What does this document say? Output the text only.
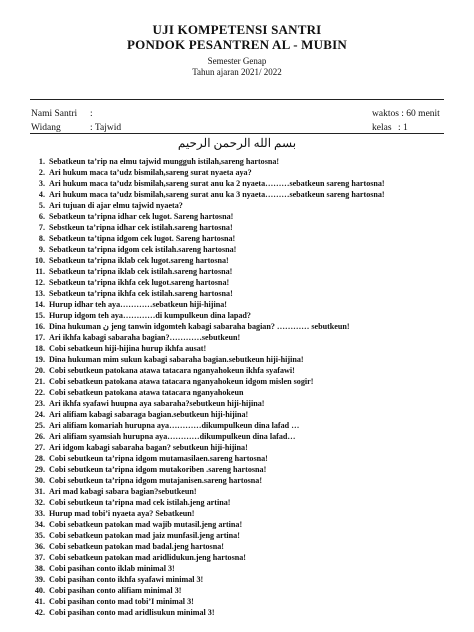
UJI KOMPETENSI SANTRI
PONDOK PESANTREN AL - MUBIN
Semester Genap
Tahun ajaran 2021/ 2022
Nami Santri :	waktos : 60 menit
Widang	: Tajwid	kelas : 1
بسم الله الرحمن الرحيم
1. Sebatkeun ta’rip na elmu tajwid mungguh istilah,sareng hartosna!
2. Ari hukum maca ta’udz bismilah,sareng surat nyaeta aya?
3. Ari hukum maca ta’udz bismilah,sareng surat anu ka 2 nyaeta………sebatkeun sareng hartosna!
4. Ari hukum maca ta’udz bismilah,sareng surat anu ka 3 nyaeta………sebatkeun sareng hartosna!
5. Ari tujuan di ajar elmu tajwid nyaeta?
6. Sebatkeun ta’ripna idhar cek lugot. Sareng hartosna!
7. Sebstkeun ta’ripna idhar cek istilah.sareng hartosna!
8. Sebatkeun ta’tipna idgom cek lugot. Sareng hartosna!
9. Sebatkeun ta’ripna idgom cek istilah.sareng hartosna!
10. Sebatkeun ta’ripna iklab cek lugot.sareng hartosna!
11. Sebatkeun ta’ripna iklab cek istilah.sareng hartosna!
12. Sebatkeun ta’ripna ikhfa cek lugot.sareng hartosna!
13. Sebatkeun ta’ripna ikhfa cek istilah.sareng hartosna!
14. Hurup idhar teh aya…………sebatkeun hiji-hijina!
15. Hurup idgom teh aya…………di kumpulkeun dina lapad?
16. Dina hukuman ن jeng tanwin idgomteh kabagi sabaraha bagian? ………… sebutkeun!
17. Ari ikhfa kabagi sabaraha bagian?…………sebutkeun!
18. Cobi sebatkeun hiji-hijina hurup ikhfa ausat!
19. Dina hukuman mim sukun kabagi sabaraha bagian.sebutkeun hiji-hijina!
20. Cobi sebutkeun patokana atawa tatacara nganyahokeun ikhfa syafawi!
21. Cobi sebatkeun patokana atawa tatacara nganyahokeun idgom mislen sogir!
22. Cobi sebatkeun patokana atawa tatacara nganyahokeun
23. Ari ikhfa syafawi huupna aya sabaraha?sebutkeun hiji-hijina!
24. Ari alifiam kabagi sabaraga bagian.sebutkeun hiji-hijina!
25. Ari alifiam komariah hurupna aya…………dikumpulkeun dina lafad …
26. Ari alifiam syamsiah hurupna aya…………dikumpulkeun dina lafad…
27. Ari idgom kabagi sabaraha bagan? sebutkeun hiji-hijina!
28. Cobi sebutkeun ta’ripna idgom mutamasilaen.sareng hartosna!
29. Cobi sebutkeun ta’ripna idgom mutakoriben .sareng hartosna!
30. Cobi sebutkeun ta’ripna idgom mutajanisen.sareng hartosna!
31. Ari mad kabagi sabara bagian?sebutkeun!
32. Cobi sebutkeun ta’ripna mad cek istilah.jeng artina!
33. Hurup mad tobi’i nyaeta aya? Sebatkeun!
34. Cobi sebatkeun patokan mad wajib mutasil.jeng artina!
35. Cobi sebatkeun patokan mad jaiz munfasil.jeng artina!
36. Cobi sebatkeun patokan mad badal.jeng hartosna!
37. Cobi sebatkeun patokan mad aridlidukun.jeng hartosna!
38. Cobi pasihan conto iklab minimal 3!
39. Cobi pasihan conto ikhfa syafawi minimal 3!
40. Cobi pasihan conto alifiam minimal 3!
41. Cobi pasihan conto mad tobi’I minimal 3!
42. Cobi pasihan conto mad aridlisukun minimal 3!
